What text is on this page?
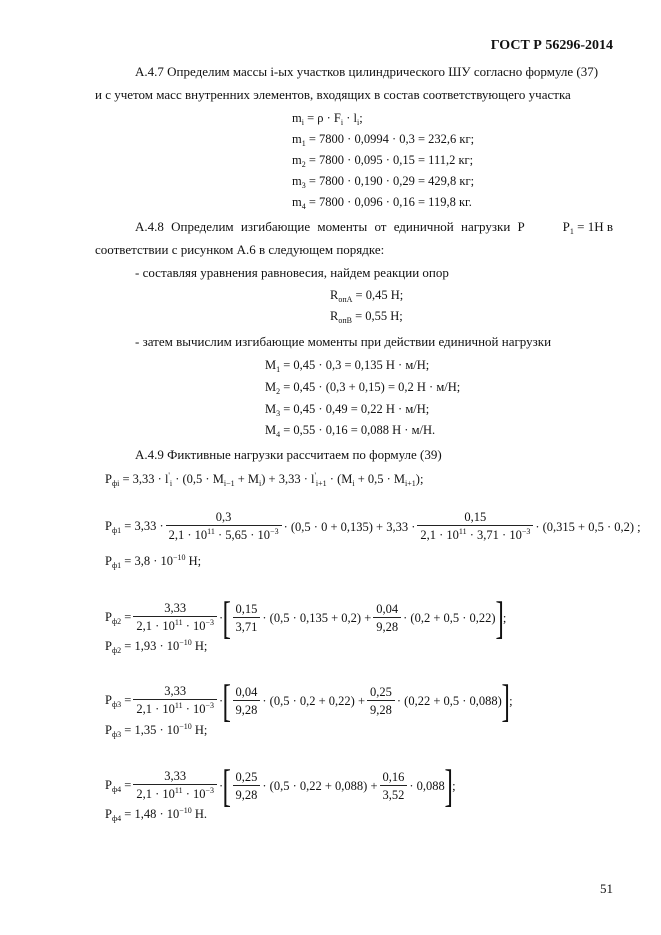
ГОСТ Р 56296-2014
А.4.7 Определим массы i-ых участков цилиндрического ШУ согласно формуле (37)
и с учетом масс внутренних элементов, входящих в состав соответствующего участка
$m_i = \rho \cdot F_i \cdot l_i$;
$m_1 = 7800 \cdot 0,0994 \cdot 0,3 = 232,6$ кг;
$m_2 = 7800 \cdot 0,095 \cdot 0,15 = 111,2$ кг;
$m_3 = 7800 \cdot 0,190 \cdot 0,29 = 429,8$ кг;
$m_4 = 7800 \cdot 0,096 \cdot 0,16 = 119,8$ кг.
А.4.8 Определим изгибающие моменты от единичной нагрузки P	$P_1 = 1Н$ в
соответствии с рисунком А.6 в следующем порядке:
- составляя уравнения равновесия, найдем реакции опор
$R_{опА} = 0,45$ Н;
$R_{опВ} = 0,55$ Н;
- затем вычислим изгибающие моменты при действии единичной нагрузки
$M_1 = 0,45 \cdot 0,3 = 0,135$ Н · м/Н;
$M_2 = 0,45 \cdot (0,3 + 0,15) = 0,2$ Н · м/Н;
$M_3 = 0,45 \cdot 0,49 = 0,22$ Н · м/Н;
$M_4 = 0,55 \cdot 0,16 = 0,088$ Н · м/Н.
А.4.9 Фиктивные нагрузки рассчитаем по формуле (39)
$P_{фi} = 3,33 \cdot l'_i \cdot (0,5 \cdot M_{i-1} + M_i) + 3,33 \cdot l'_{i+1} \cdot (M_i + 0,5 \cdot M_{i+1})$;
$P_{ф1} = 3,33 \cdot \frac{0,3}{2,1 \cdot 10^{11} \cdot 5,65 \cdot 10^{-3}} \cdot (0,5 \cdot 0 + 0,135) + 3,33 \cdot \frac{0,15}{2,1 \cdot 10^{11} \cdot 3,71 \cdot 10^{-3}} \cdot (0,315 + 0,5 \cdot 0,2)$ ;
$P_{ф1} = 3,8 \cdot 10^{-10}$ Н;
$P_{ф2} = \frac{3,33}{2,1 \cdot 10^{11} \cdot 10^{-3}}$ · [ $\frac{0,15}{3,71} \cdot (0,5 \cdot 0,135 + 0,2) + \frac{0,04}{9,28} \cdot (0,2 + 0,5 \cdot 0,22)$ ] ;
$P_{ф2} = 1,93 \cdot 10^{-10}$ Н;
$P_{ф3} = \frac{3,33}{2,1 \cdot 10^{11} \cdot 10^{-3}}$ · [ $\frac{0,04}{9,28} \cdot (0,5 \cdot 0,2 + 0,22) + \frac{0,25}{9,28} \cdot (0,22 + 0,5 \cdot 0,088)$ ] ;
$P_{ф3} = 1,35 \cdot 10^{-10}$ Н;
$P_{ф4} = \frac{3,33}{2,1 \cdot 10^{11} \cdot 10^{-3}}$ · [ $\frac{0,25}{9,28} \cdot (0,5 \cdot 0,22 + 0,088) + \frac{0,16}{3,52} \cdot 0,088$ ] ;
$P_{ф4} = 1,48 \cdot 10^{-10}$ Н.
51
